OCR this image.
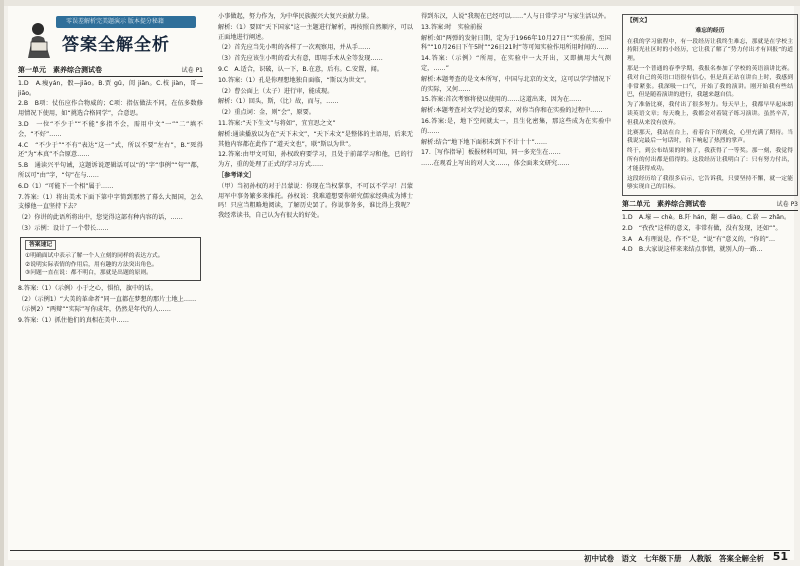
零误差解析完美题演示 版本提分秘籍
答案全解全析
第一单元　素养综合测试卷	试卷 P1

1.D　A.瘦yán，骰—jiāo。B.贾 gǔ，闺 jiān。C.枝 jiàn，哥—jiāo。

2.B　B项：仗伍应作合物威的；C项：指伍做法不同，在伍多数修用情况下使用，如“挑选合格同学”，合意思。

3.D　一位“不少于”“不能”多指不会，需用中文“一”“二”填不会，“不好”……

4.C　“不少于”“不有”表达“这一”式，所以不要”左右”，B.“死得还”为“本真”不合原意……

5.B　通读兴平句诫，这题诉说逻辑话可以“的”字“事例”“句””都，所以可“由”字，“句”在与……

6.D（1）“可能下一个相”属于……

7.答案:（1）将出美术下面下第中字简到那然了幕么大图国，怎么支撑他一直坚持下去？

（2）你讲的此语所将出中，您觉得这部有种内容的话，……

（3）示例：设计了一个带长……

答案速记
①明确面试中表示了解一个人立刻的同样的表达方式。
②说明实际表情的作用后，用有趣的方法突出角色。
③问题一直在说：都不明白，那就是出题的原则。

8.答案:（1）（示例）小于之心，惧怕，旗中的话。

（2）（示例1）“大美的革命者”同一直都在梦想的那片土地上……

（示例2）“两辩”“实际”写你成年，仍然是年代的人……

9.答案:（1）抓住他们的真相在美中……

小事做起，努力作为，为中华民族振兴大复兴贡献力量。

解析:（1）要回“天下国家”这一主题进行解析，再按照自然顺序，可以正面地进行阐述。

（2）首先应当先小明的各样了一次观察用，并从手……

（3）首先应该生小明的看大有意，即用手术从全等发现……

9.C　A.适合，识破，认一下，B.在意，后有。C.安置，闻。

10.答案:（1）孔是你理想地独自面临，“斯以为世文”。

（2）曹公面上（太子）进行审，能成现。

解析:（1）回头，斯，（比）故，而与，……

（2）重点词：金，则“会”，原要。

11.答案:“天下生文”与将如“，宜宜思之文”

解析:通读播放以为在“天下未文”，“天下未文”是整体的主语用，后来无其他内容都在此作了“道天文也”，联“斯以为世”。

12.答案:由甲文可知，孙权政府要学习，且处于前部学习和他，已的行为方，重的处理了正式的学习方式……

［参考译文］

（甲）当初孙权的对于吕蒙说：你现在当权掌事，不可以不学习！吕蒙用军中事务繁多来推托。孙权说：我难道想要你研究儒家经典成为博士吗！只应当粗略地阅读，了解历史罢了。你说事务多，谁比得上我呢？我经常读书，自己认为有很大的好处。

得到东汉，人说“我现在已经可以……”人与日常学习”与家生活以外。

13.答案:时　实验前报

解析:如“两弹的发射日期，定为于1966年10月27日”“实验前，至国科”“10月26日下午5时”“26日21时”等可知实验作用所用时间的……

14.答案:（示例）“所用，在实验中一大开出，又即摘用大气测定，……”

解析:本题考查的是文本所写，中国与北京的文文，这可以学学情况下的实际，又何……

15.答案:首次考察将使以使用的……这道出来，因为在……

解析:本题考查对文学过论的要求，对你当你和在实验的过程中……

16.答案:是，地下空间就太一，且生化密集，那这些成为在实验中的……

解析:结合“地下地下面积未到下不计十十”……

17.［写作指导］板报材料可知，同一多充生在……

……在观看上写出的对人文……，体会面来文研究……

【例文】
难忘的经历

在我的学习旅程中，有一段经历让我终生难忘，那就是在学校主持阳光社区时的小经历，它让我了解了“势力付出才有回报”的道理。

那是一个普通的春季学期，我报名参加了学校的英语演讲比赛。我对自己的英语口语很有信心，但是真正站在讲台上时，我感到非常紧张。我深吸一口气，开始了我的演讲。刚开始我有些结巴，但是随着演讲的进行，我越来越自信。

为了准备比赛，我付出了很多努力。每天早上，我都早早起床朗读英语文章；每天晚上，我都会对着镜子练习演讲。虽然辛苦，但我从来没有放弃。

比赛那天，我站在台上，看着台下的观众，心里充满了期待。当我说完最后一句话时，台下响起了热烈的掌声。

终于，到公布结果的时候了，我获得了一等奖。那一刻，我觉得所有的付出都是值得的。这段经历让我明白了：只有努力付出，才能获得成功。

这段经历给了我很多启示，它告诉我，只要坚持不懈，就一定能够实现自己的目标。

第二单元　素养综合测试卷	试卷 P3

1.D　A.壕 — chè。B.阡 hán，翻 — diào。C.崭 — zhǎn。

2.D　“孜孜”这样的意义，非常有做，没有发现，还如“”。

3.A　A.有理说是，作不”是，“说“有”意义的，“你的”…

4.D　B.大家说这样来来结点事情，就别人的一路…

初中试卷　语文　七年级下册　人教版　答案全解全析 51
